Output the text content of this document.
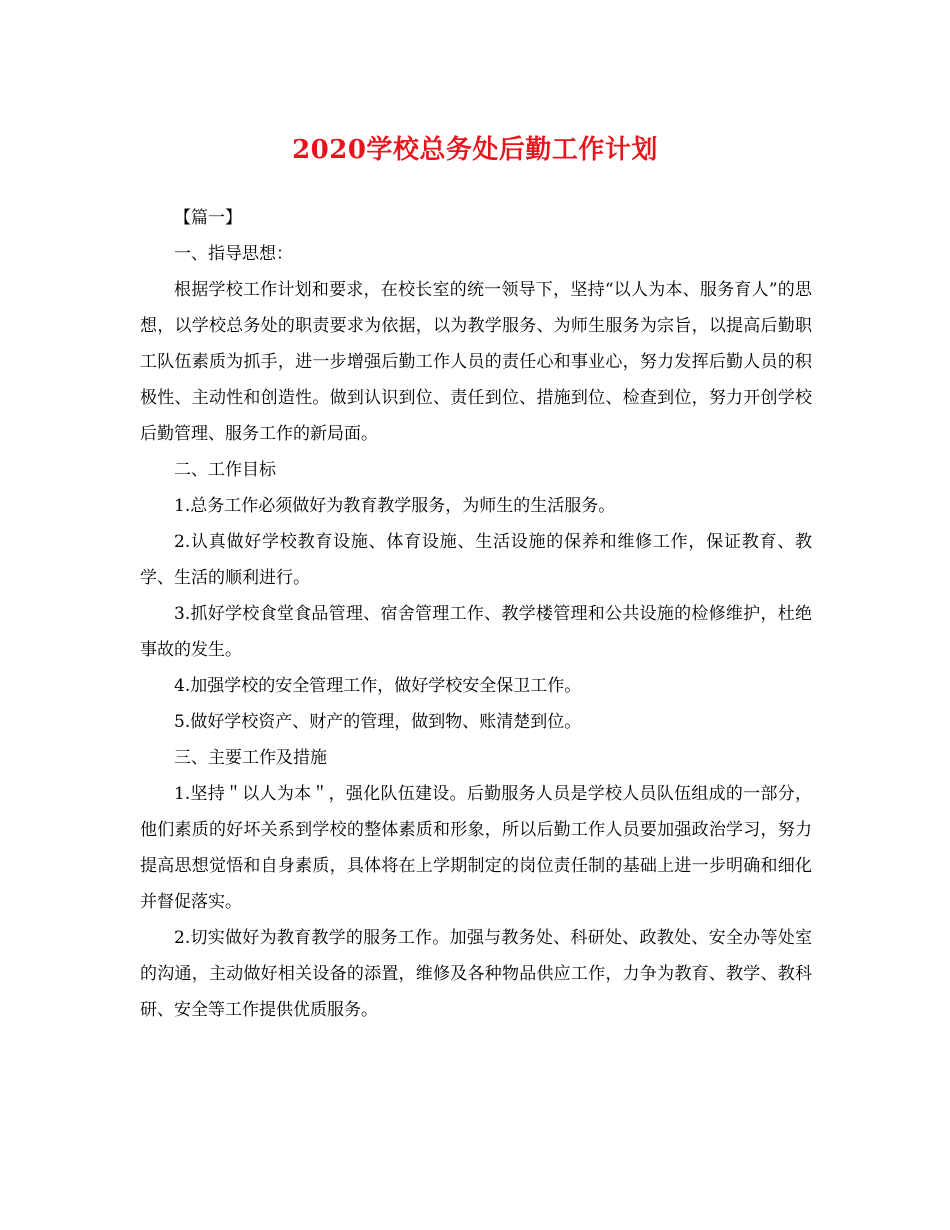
2020学校总务处后勤工作计划

【篇一】

一、指导思想：

根据学校工作计划和要求，在校长室的统一领导下，坚持“以人为本、服务育人”的思想，以学校总务处的职责要求为依据，以为教学服务、为师生服务为宗旨，以提高后勤职工队伍素质为抓手，进一步增强后勤工作人员的责任心和事业心，努力发挥后勤人员的积极性、主动性和创造性。做到认识到位、责任到位、措施到位、检查到位，努力开创学校后勤管理、服务工作的新局面。

二、工作目标

1.总务工作必须做好为教育教学服务，为师生的生活服务。

2.认真做好学校教育设施、体育设施、生活设施的保养和维修工作，保证教育、教学、生活的顺利进行。

3.抓好学校食堂食品管理、宿舍管理工作、教学楼管理和公共设施的检修维护，杜绝事故的发生。

4.加强学校的安全管理工作，做好学校安全保卫工作。

5.做好学校资产、财产的管理，做到物、账清楚到位。

三、主要工作及措施

1.坚持＂以人为本＂，强化队伍建设。后勤服务人员是学校人员队伍组成的一部分，他们素质的好坏关系到学校的整体素质和形象，所以后勤工作人员要加强政治学习，努力提高思想觉悟和自身素质，具体将在上学期制定的岗位责任制的基础上进一步明确和细化并督促落实。

2.切实做好为教育教学的服务工作。加强与教务处、科研处、政教处、安全办等处室的沟通，主动做好相关设备的添置，维修及各种物品供应工作，力争为教育、教学、教科研、安全等工作提供优质服务。
